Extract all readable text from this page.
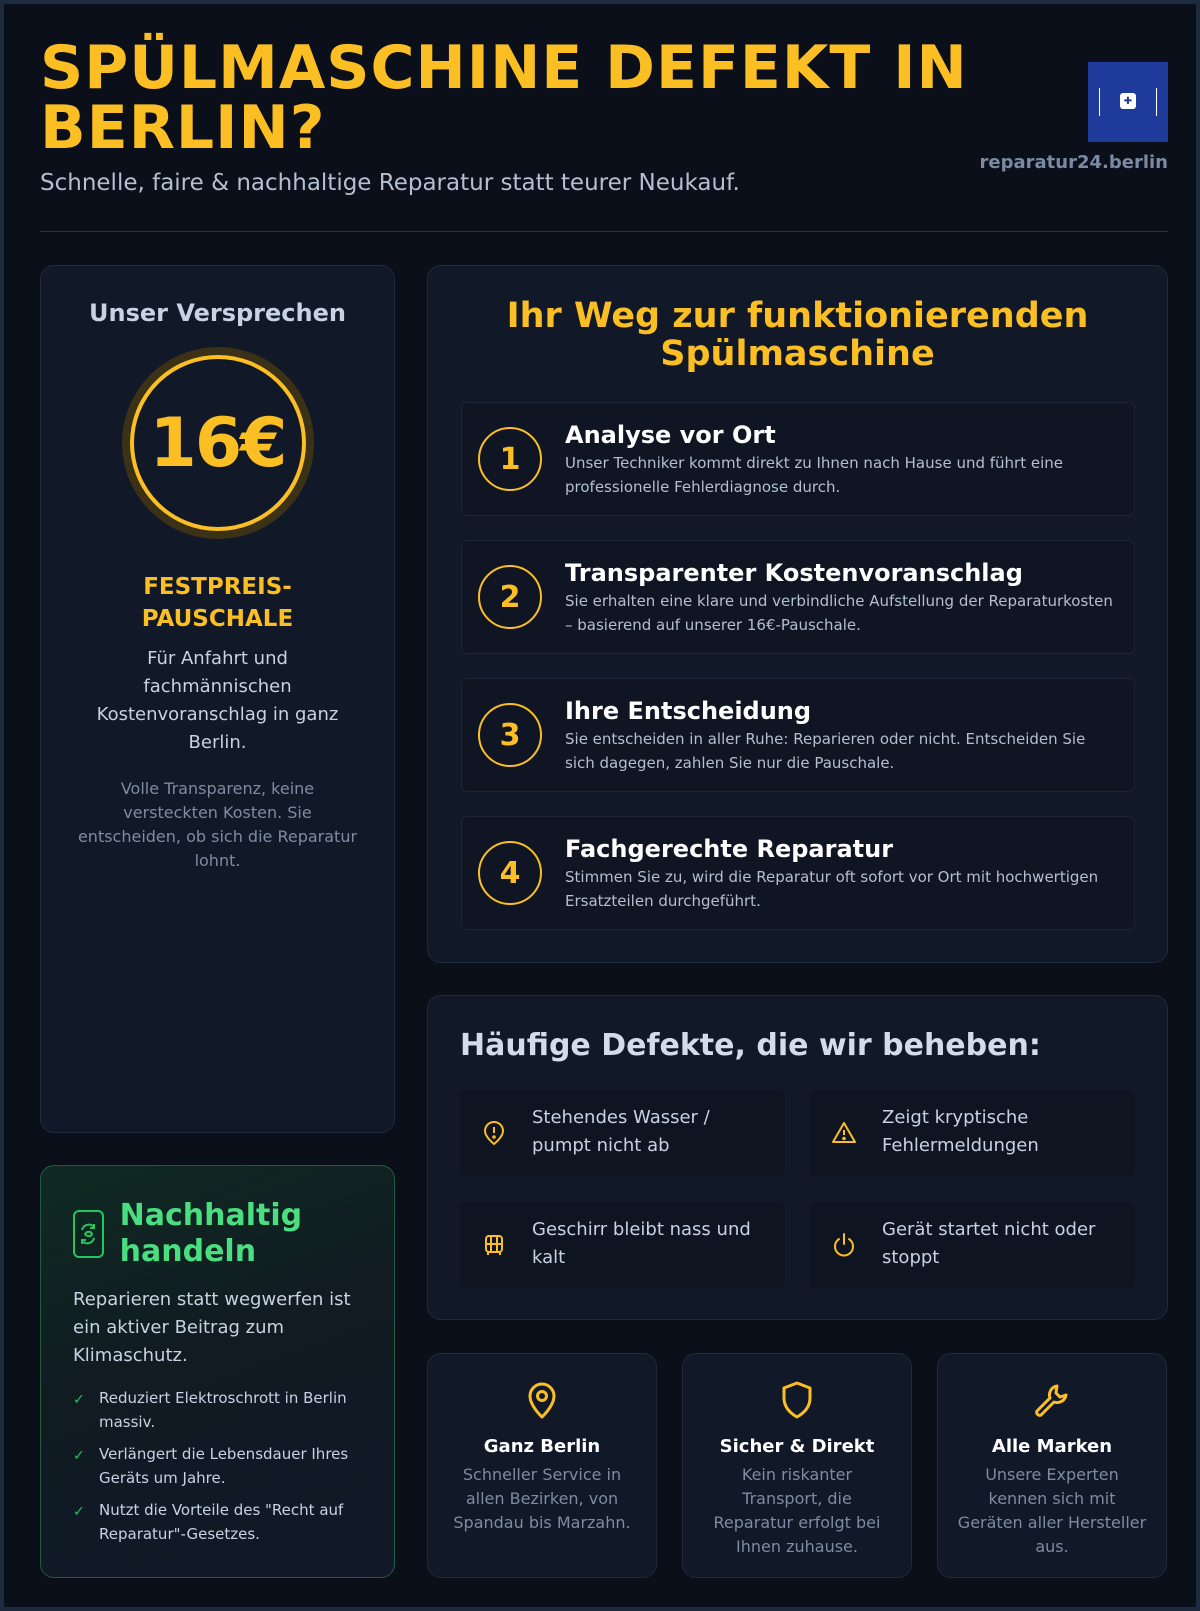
SPÜLMASCHINE DEFEKT IN BERLIN?
Schnelle, faire & nachhaltige Reparatur statt teurer Neukauf.
✚
reparatur24.berlin
Unser Versprechen
16€
FESTPREIS-PAUSCHALE
Für Anfahrt und fachmännischen Kostenvoranschlag in ganz Berlin.
Volle Transparenz, keine versteckten Kosten. Sie entscheiden, ob sich die Reparatur lohnt.
Nachhaltig handeln
Reparieren statt wegwerfen ist ein aktiver Beitrag zum Klimaschutz.
✓ Reduziert Elektroschrott in Berlin massiv.
✓ Verlängert die Lebensdauer Ihres Geräts um Jahre.
✓ Nutzt die Vorteile des "Recht auf Reparatur"-Gesetzes.
Ihr Weg zur funktionierenden Spülmaschine
1
Analyse vor Ort
Unser Techniker kommt direkt zu Ihnen nach Hause und führt eine professionelle Fehlerdiagnose durch.
2
Transparenter Kostenvoranschlag
Sie erhalten eine klare und verbindliche Aufstellung der Reparaturkosten – basierend auf unserer 16€-Pauschale.
3
Ihre Entscheidung
Sie entscheiden in aller Ruhe: Reparieren oder nicht. Entscheiden Sie sich dagegen, zahlen Sie nur die Pauschale.
4
Fachgerechte Reparatur
Stimmen Sie zu, wird die Reparatur oft sofort vor Ort mit hochwertigen Ersatzteilen durchgeführt.
Häufige Defekte, die wir beheben:
Stehendes Wasser / pumpt nicht ab
Zeigt kryptische Fehlermeldungen
Geschirr bleibt nass und kalt
Gerät startet nicht oder stoppt
Ganz Berlin
Schneller Service in allen Bezirken, von Spandau bis Marzahn.
Sicher & Direkt
Kein riskanter Transport, die Reparatur erfolgt bei Ihnen zuhause.
Alle Marken
Unsere Experten kennen sich mit Geräten aller Hersteller aus.
